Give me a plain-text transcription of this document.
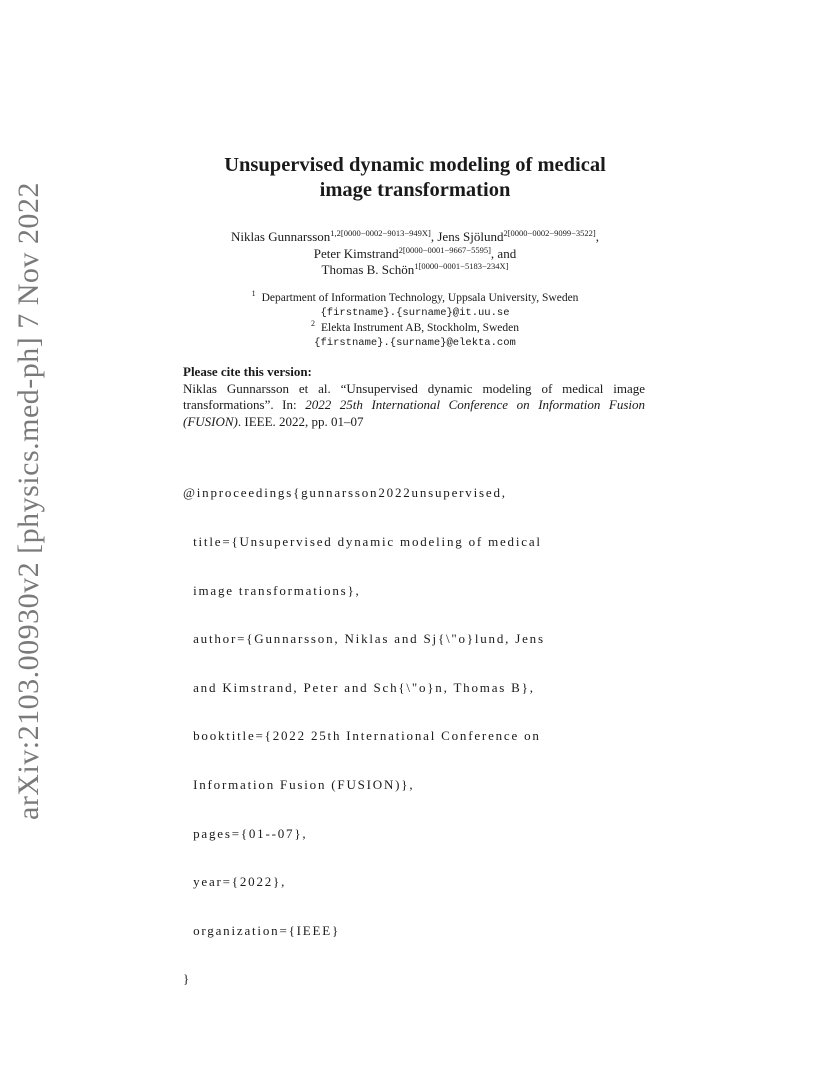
arXiv:2103.00930v2 [physics.med-ph] 7 Nov 2022
Unsupervised dynamic modeling of medical
image transformation
Niklas Gunnarsson$^{1,2[0000-0002-9013-949X]}$, Jens Sjölund$^{2[0000-0002-9099-3522]}$,
Peter Kimstrand$^{2[0000-0001-9667-5595]}$, and
Thomas B. Schön$^{1[0000-0001-5183-234X]}$
$^1$ Department of Information Technology, Uppsala University, Sweden
{firstname}.{surname}@it.uu.se
$^2$ Elekta Instrument AB, Stockholm, Sweden
{firstname}.{surname}@elekta.com
Please cite this version:
Niklas Gunnarsson et al. “Unsupervised dynamic modeling of medical image transformations”. In: 2022 25th International Conference on Information Fusion (FUSION). IEEE. 2022, pp. 01–07

@inproceedings{gunnarsson2022unsupervised,

title={Unsupervised dynamic modeling of medical

image transformations},

author={Gunnarsson, Niklas and Sj{\"o}lund, Jens

and Kimstrand, Peter and Sch{\"o}n, Thomas B},

booktitle={2022 25th International Conference on

Information Fusion (FUSION)},

pages={01--07},

year={2022},

organization={IEEE}

}
